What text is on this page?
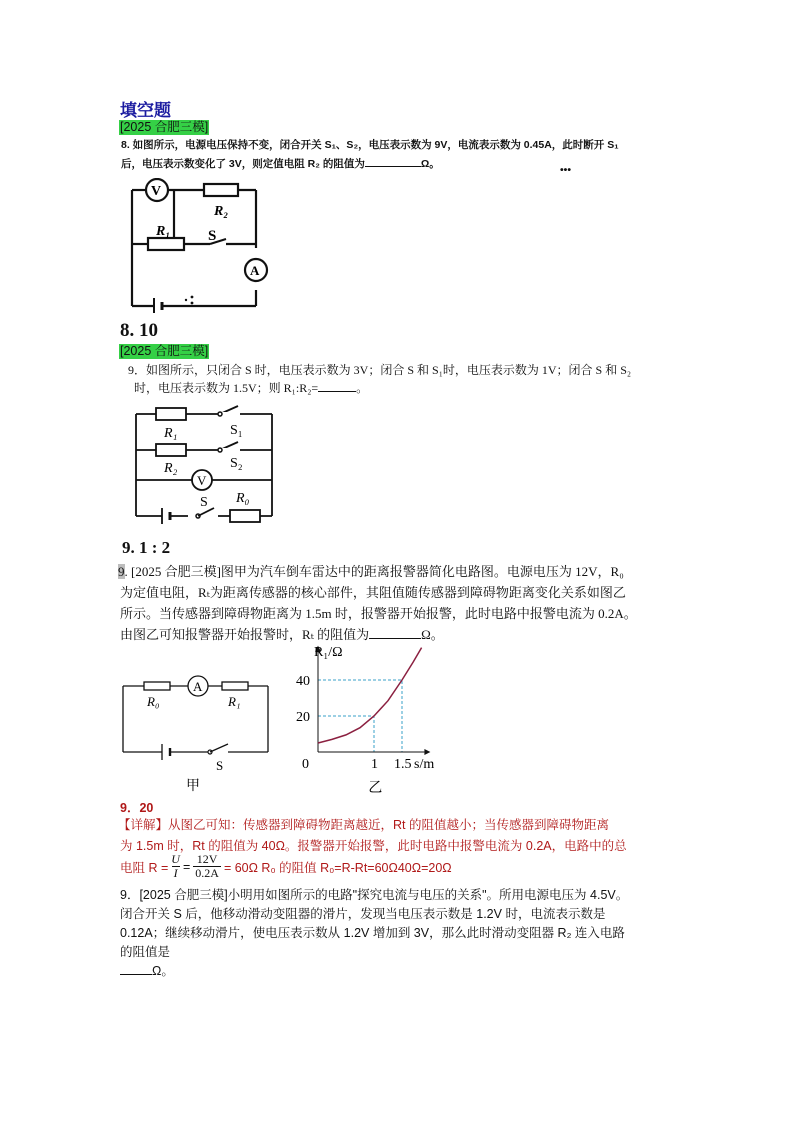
填空题
[2025 合肥三模]
8. 如图所示，电源电压保持不变，闭合开关 S₁、S₂，电压表示数为 9V，电流表示数为 0.45A，此时断开 S₁
后，电压表示数变化了 3V，则定值电阻 R₂ 的阻值为	Ω。	•••
V
R₂
R₁	S
A
8. 10
[2025 合肥三模]
9．如图所示，只闭合 S 时，电压表示数为 3V；闭合 S 和 S₁时，电压表示数为 1V；闭合 S 和 S₂
时，电压表示数为 1.5V；则 R₁:R₂=	。
R₁	S₁
R₂	S₂
V
S R₀
9. 1 : 2
9. [2025 合肥三模]图甲为汽车倒车雷达中的距离报警器简化电路图。电源电压为 12V，R₀
为定值电阻，Rₜ为距离传感器的核心部件，其阻值随传感器到障碍物距离变化关系如图乙
所示。当传感器到障碍物距离为 1.5m 时，报警器开始报警，此时电路中报警电流为 0.2A。
由图乙可知报警器开始报警时，Rₜ 的阻值为	Ω。
R₀
A
R₁
S
甲
1 1.5
20
40
R₁/Ω
s/m
0
乙
9．20
【详解】从图乙可知：传感器到障碍物距离越近，Rt 的阻值越小；当传感器到障碍物距离
为 1.5m 时，Rt 的阻值为 40Ω。报警器开始报警，此时电路中报警电流为 0.2A，电路中的总
电阻 $R = \frac{U}{I} = \frac{12V}{0.2A} = 60\Omega$ R₀ 的阻值 R₀=R-Rt=60Ω40Ω=20Ω
9．[2025 合肥三模]小明用如图所示的电路"探究电流与电压的关系"。所用电源电压为 4.5V。
闭合开关 S 后，他移动滑动变阻器的滑片，发现当电压表示数是 1.2V 时，电流表示数是
0.12A；继续移动滑片，使电压表示数从 1.2V 增加到 3V，那么此时滑动变阻器 R₂ 连入电路
的阻值是
Ω。
